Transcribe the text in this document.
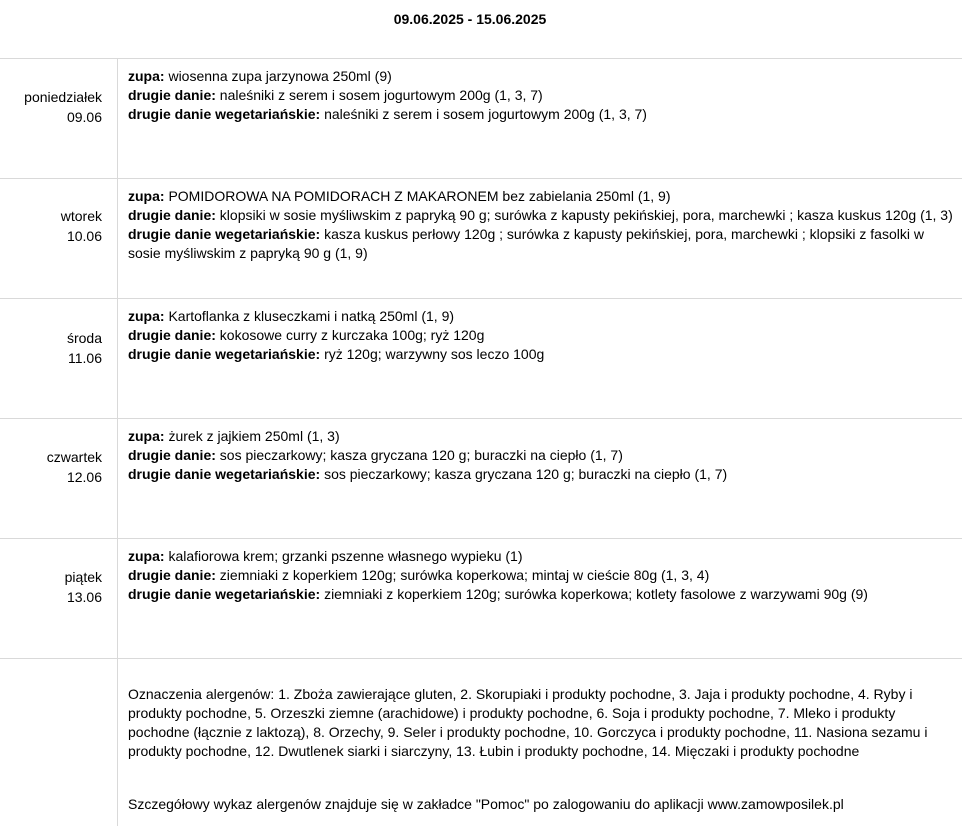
09.06.2025 - 15.06.2025
poniedziałek
09.06
zupa: wiosenna zupa jarzynowa 250ml (9)
drugie danie: naleśniki z serem i sosem jogurtowym 200g (1, 3, 7)
drugie danie wegetariańskie: naleśniki z serem i sosem jogurtowym 200g (1, 3, 7)
wtorek
10.06
zupa: POMIDOROWA NA POMIDORACH Z MAKARONEM bez zabielania 250ml (1, 9)
drugie danie: klopsiki w sosie myśliwskim z papryką 90 g; surówka z kapusty pekińskiej, pora, marchewki ; kasza kuskus 120g (1, 3)
drugie danie wegetariańskie: kasza kuskus perłowy 120g ; surówka z kapusty pekińskiej, pora, marchewki ; klopsiki z fasolki w sosie myśliwskim z papryką 90 g (1, 9)
środa
11.06
zupa: Kartoflanka z kluseczkami i natką 250ml (1, 9)
drugie danie: kokosowe curry z kurczaka 100g; ryż 120g
drugie danie wegetariańskie: ryż 120g; warzywny sos leczo 100g
czwartek
12.06
zupa: żurek z jajkiem 250ml (1, 3)
drugie danie: sos pieczarkowy; kasza gryczana 120 g; buraczki na ciepło (1, 7)
drugie danie wegetariańskie: sos pieczarkowy; kasza gryczana 120 g; buraczki na ciepło (1, 7)
piątek
13.06
zupa: kalafiorowa krem; grzanki pszenne własnego wypieku (1)
drugie danie: ziemniaki z koperkiem 120g; surówka koperkowa; mintaj w cieście 80g (1, 3, 4)
drugie danie wegetariańskie: ziemniaki z koperkiem 120g; surówka koperkowa; kotlety fasolowe z warzywami 90g (9)
Oznaczenia alergenów: 1. Zboża zawierające gluten, 2. Skorupiaki i produkty pochodne, 3. Jaja i produkty pochodne, 4. Ryby i produkty pochodne, 5. Orzeszki ziemne (arachidowe) i produkty pochodne, 6. Soja i produkty pochodne, 7. Mleko i produkty pochodne (łącznie z laktozą), 8. Orzechy, 9. Seler i produkty pochodne, 10. Gorczyca i produkty pochodne, 11. Nasiona sezamu i produkty pochodne, 12. Dwutlenek siarki i siarczyny, 13. Łubin i produkty pochodne, 14. Mięczaki i produkty pochodne
Szczegółowy wykaz alergenów znajduje się w zakładce "Pomoc" po zalogowaniu do aplikacji www.zamowposilek.pl
